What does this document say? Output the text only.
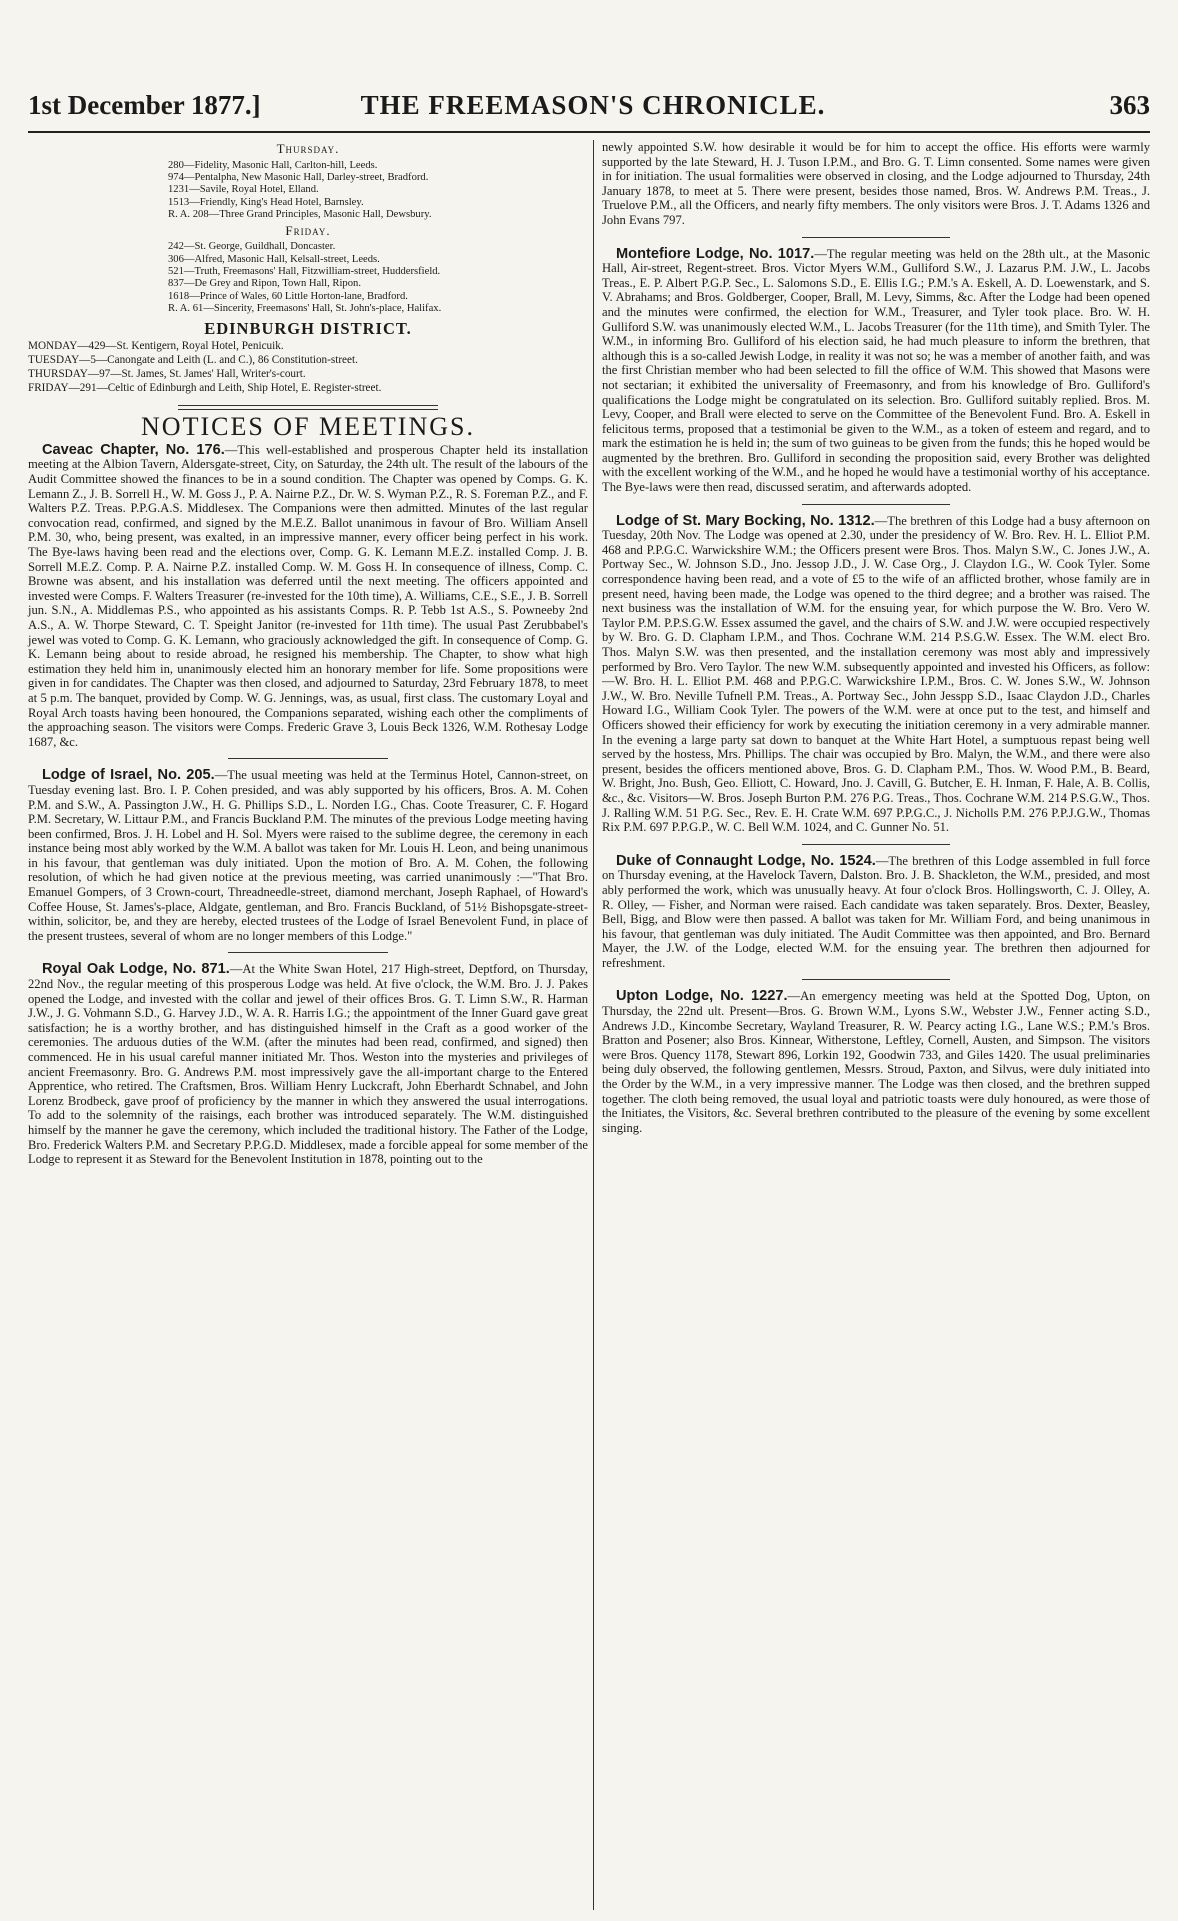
1st December 1877.]	THE FREEMASON'S CHRONICLE.	363
Thursday.
280—Fidelity, Masonic Hall, Carlton-hill, Leeds.
974—Pentalpha, New Masonic Hall, Darley-street, Bradford.
1231—Savile, Royal Hotel, Elland.
1513—Friendly, King's Head Hotel, Barnsley.
R. A. 208—Three Grand Principles, Masonic Hall, Dewsbury.
Friday.
242—St. George, Guildhall, Doncaster.
306—Alfred, Masonic Hall, Kelsall-street, Leeds.
521—Truth, Freemasons' Hall, Fitzwilliam-street, Huddersfield.
837—De Grey and Ripon, Town Hall, Ripon.
1618—Prince of Wales, 60 Little Horton-lane, Bradford.
R. A. 61—Sincerity, Freemasons' Hall, St. John's-place, Halifax.
EDINBURGH DISTRICT.
MONDAY—429—St. Kentigern, Royal Hotel, Penicuik.
TUESDAY—5—Canongate and Leith (L. and C.), 86 Constitution-street.
THURSDAY—97—St. James, St. James' Hall, Writer's-court.
FRIDAY—291—Celtic of Edinburgh and Leith, Ship Hotel, E. Register-street.
NOTICES OF MEETINGS.

Caveac Chapter, No. 176.—This well-established and prosperous Chapter held its installation meeting at the Albion Tavern, Aldersgate-street, City, on Saturday, the 24th ult. The result of the labours of the Audit Committee showed the finances to be in a sound condition. The Chapter was opened by Comps. G. K. Lemann Z., J. B. Sorrell H., W. M. Goss J., P. A. Nairne P.Z., Dr. W. S. Wyman P.Z., R. S. Foreman P.Z., and F. Walters P.Z. Treas. P.P.G.A.S. Middlesex. The Companions were then admitted. Minutes of the last regular convocation read, confirmed, and signed by the M.E.Z. Ballot unanimous in favour of Bro. William Ansell P.M. 30, who, being present, was exalted, in an impressive manner, every officer being perfect in his work. The Bye-laws having been read and the elections over, Comp. G. K. Lemann M.E.Z. installed Comp. J. B. Sorrell M.E.Z. Comp. P. A. Nairne P.Z. installed Comp. W. M. Goss H. In consequence of illness, Comp. C. Browne was absent, and his installation was deferred until the next meeting. The officers appointed and invested were Comps. F. Walters Treasurer (re-invested for the 10th time), A. Williams, C.E., S.E., J. B. Sorrell jun. S.N., A. Middlemas P.S., who appointed as his assistants Comps. R. P. Tebb 1st A.S., S. Powneeby 2nd A.S., A. W. Thorpe Steward, C. T. Speight Janitor (re-invested for 11th time). The usual Past Zerubbabel's jewel was voted to Comp. G. K. Lemann, who graciously acknowledged the gift. In consequence of Comp. G. K. Lemann being about to reside abroad, he resigned his membership. The Chapter, to show what high estimation they held him in, unanimously elected him an honorary member for life. Some propositions were given in for candidates. The Chapter was then closed, and adjourned to Saturday, 23rd February 1878, to meet at 5 p.m. The banquet, provided by Comp. W. G. Jennings, was, as usual, first class. The customary Loyal and Royal Arch toasts having been honoured, the Companions separated, wishing each other the compliments of the approaching season. The visitors were Comps. Frederic Grave 3, Louis Beck 1326, W.M. Rothesay Lodge 1687, &c.

Lodge of Israel, No. 205.—The usual meeting was held at the Terminus Hotel, Cannon-street, on Tuesday evening last. Bro. I. P. Cohen presided, and was ably supported by his officers, Bros. A. M. Cohen P.M. and S.W., A. Passington J.W., H. G. Phillips S.D., L. Norden I.G., Chas. Coote Treasurer, C. F. Hogard P.M. Secretary, W. Littaur P.M., and Francis Buckland P.M. The minutes of the previous Lodge meeting having been confirmed, Bros. J. H. Lobel and H. Sol. Myers were raised to the sublime degree, the ceremony in each instance being most ably worked by the W.M. A ballot was taken for Mr. Louis H. Leon, and being unanimous in his favour, that gentleman was duly initiated. Upon the motion of Bro. A. M. Cohen, the following resolution, of which he had given notice at the previous meeting, was carried unanimously :—"That Bro. Emanuel Gompers, of 3 Crown-court, Threadneedle-street, diamond merchant, Joseph Raphael, of Howard's Coffee House, St. James's-place, Aldgate, gentleman, and Bro. Francis Buckland, of 51½ Bishopsgate-street-within, solicitor, be, and they are hereby, elected trustees of the Lodge of Israel Benevolent Fund, in place of the present trustees, several of whom are no longer members of this Lodge."

Royal Oak Lodge, No. 871.—At the White Swan Hotel, 217 High-street, Deptford, on Thursday, 22nd Nov., the regular meeting of this prosperous Lodge was held. At five o'clock, the W.M. Bro. J. J. Pakes opened the Lodge, and invested with the collar and jewel of their offices Bros. G. T. Limn S.W., R. Harman J.W., J. G. Vohmann S.D., G. Harvey J.D., W. A. R. Harris I.G.; the appointment of the Inner Guard gave great satisfaction; he is a worthy brother, and has distinguished himself in the Craft as a good worker of the ceremonies. The arduous duties of the W.M. (after the minutes had been read, confirmed, and signed) then commenced. He in his usual careful manner initiated Mr. Thos. Weston into the mysteries and privileges of ancient Freemasonry. Bro. G. Andrews P.M. most impressively gave the all-important charge to the Entered Apprentice, who retired. The Craftsmen, Bros. William Henry Luckcraft, John Eberhardt Schnabel, and John Lorenz Brodbeck, gave proof of proficiency by the manner in which they answered the usual interrogations. To add to the solemnity of the raisings, each brother was introduced separately. The W.M. distinguished himself by the manner he gave the ceremony, which included the traditional history. The Father of the Lodge, Bro. Frederick Walters P.M. and Secretary P.P.G.D. Middlesex, made a forcible appeal for some member of the Lodge to represent it as Steward for the Benevolent Institution in 1878, pointing out to the

newly appointed S.W. how desirable it would be for him to accept the office. His efforts were warmly supported by the late Steward, H. J. Tuson I.P.M., and Bro. G. T. Limn consented. Some names were given in for initiation. The usual formalities were observed in closing, and the Lodge adjourned to Thursday, 24th January 1878, to meet at 5. There were present, besides those named, Bros. W. Andrews P.M. Treas., J. Truelove P.M., all the Officers, and nearly fifty members. The only visitors were Bros. J. T. Adams 1326 and John Evans 797.

Montefiore Lodge, No. 1017.—The regular meeting was held on the 28th ult., at the Masonic Hall, Air-street, Regent-street. Bros. Victor Myers W.M., Gulliford S.W., J. Lazarus P.M. J.W., L. Jacobs Treas., E. P. Albert P.G.P. Sec., L. Salomons S.D., E. Ellis I.G.; P.M.'s A. Eskell, A. D. Loewenstark, and S. V. Abrahams; and Bros. Goldberger, Cooper, Brall, M. Levy, Simms, &c. After the Lodge had been opened and the minutes were confirmed, the election for W.M., Treasurer, and Tyler took place. Bro. W. H. Gulliford S.W. was unanimously elected W.M., L. Jacobs Treasurer (for the 11th time), and Smith Tyler. The W.M., in informing Bro. Gulliford of his election said, he had much pleasure to inform the brethren, that although this is a so-called Jewish Lodge, in reality it was not so; he was a member of another faith, and was the first Christian member who had been selected to fill the office of W.M. This showed that Masons were not sectarian; it exhibited the universality of Freemasonry, and from his knowledge of Bro. Gulliford's qualifications the Lodge might be congratulated on its selection. Bro. Gulliford suitably replied. Bros. M. Levy, Cooper, and Brall were elected to serve on the Committee of the Benevolent Fund. Bro. A. Eskell in felicitous terms, proposed that a testimonial be given to the W.M., as a token of esteem and regard, and to mark the estimation he is held in; the sum of two guineas to be given from the funds; this he hoped would be augmented by the brethren. Bro. Gulliford in seconding the proposition said, every Brother was delighted with the excellent working of the W.M., and he hoped he would have a testimonial worthy of his acceptance. The Bye-laws were then read, discussed seratim, and afterwards adopted.

Lodge of St. Mary Bocking, No. 1312.—The brethren of this Lodge had a busy afternoon on Tuesday, 20th Nov. The Lodge was opened at 2.30, under the presidency of W. Bro. Rev. H. L. Elliot P.M. 468 and P.P.G.C. Warwickshire W.M.; the Officers present were Bros. Thos. Malyn S.W., C. Jones J.W., A. Portway Sec., W. Johnson S.D., Jno. Jessop J.D., J. W. Case Org., J. Claydon I.G., W. Cook Tyler. Some correspondence having been read, and a vote of £5 to the wife of an afflicted brother, whose family are in present need, having been made, the Lodge was opened to the third degree; and a brother was raised. The next business was the installation of W.M. for the ensuing year, for which purpose the W. Bro. Vero W. Taylor P.M. P.P.S.G.W. Essex assumed the gavel, and the chairs of S.W. and J.W. were occupied respectively by W. Bro. G. D. Clapham I.P.M., and Thos. Cochrane W.M. 214 P.S.G.W. Essex. The W.M. elect Bro. Thos. Malyn S.W. was then presented, and the installation ceremony was most ably and impressively performed by Bro. Vero Taylor. The new W.M. subsequently appointed and invested his Officers, as follow:—W. Bro. H. L. Elliot P.M. 468 and P.P.G.C. Warwickshire I.P.M., Bros. C. W. Jones S.W., W. Johnson J.W., W. Bro. Neville Tufnell P.M. Treas., A. Portway Sec., John Jesspp S.D., Isaac Claydon J.D., Charles Howard I.G., William Cook Tyler. The powers of the W.M. were at once put to the test, and himself and Officers showed their efficiency for work by executing the initiation ceremony in a very admirable manner. In the evening a large party sat down to banquet at the White Hart Hotel, a sumptuous repast being well served by the hostess, Mrs. Phillips. The chair was occupied by Bro. Malyn, the W.M., and there were also present, besides the officers mentioned above, Bros. G. D. Clapham P.M., Thos. W. Wood P.M., B. Beard, W. Bright, Jno. Bush, Geo. Elliott, C. Howard, Jno. J. Cavill, G. Butcher, E. H. Inman, F. Hale, A. B. Collis, &c., &c. Visitors—W. Bros. Joseph Burton P.M. 276 P.G. Treas., Thos. Cochrane W.M. 214 P.S.G.W., Thos. J. Ralling W.M. 51 P.G. Sec., Rev. E. H. Crate W.M. 697 P.P.G.C., J. Nicholls P.M. 276 P.P.J.G.W., Thomas Rix P.M. 697 P.P.G.P., W. C. Bell W.M. 1024, and C. Gunner No. 51.

Duke of Connaught Lodge, No. 1524.—The brethren of this Lodge assembled in full force on Thursday evening, at the Havelock Tavern, Dalston. Bro. J. B. Shackleton, the W.M., presided, and most ably performed the work, which was unusually heavy. At four o'clock Bros. Hollingsworth, C. J. Olley, A. R. Olley, — Fisher, and Norman were raised. Each candidate was taken separately. Bros. Dexter, Beasley, Bell, Bigg, and Blow were then passed. A ballot was taken for Mr. William Ford, and being unanimous in his favour, that gentleman was duly initiated. The Audit Committee was then appointed, and Bro. Bernard Mayer, the J.W. of the Lodge, elected W.M. for the ensuing year. The brethren then adjourned for refreshment.

Upton Lodge, No. 1227.—An emergency meeting was held at the Spotted Dog, Upton, on Thursday, the 22nd ult. Present—Bros. G. Brown W.M., Lyons S.W., Webster J.W., Fenner acting S.D., Andrews J.D., Kincombe Secretary, Wayland Treasurer, R. W. Pearcy acting I.G., Lane W.S.; P.M.'s Bros. Bratton and Posener; also Bros. Kinnear, Witherstone, Leftley, Cornell, Austen, and Simpson. The visitors were Bros. Quency 1178, Stewart 896, Lorkin 192, Goodwin 733, and Giles 1420. The usual preliminaries being duly observed, the following gentlemen, Messrs. Stroud, Paxton, and Silvus, were duly initiated into the Order by the W.M., in a very impressive manner. The Lodge was then closed, and the brethren supped together. The cloth being removed, the usual loyal and patriotic toasts were duly honoured, as were those of the Initiates, the Visitors, &c. Several brethren contributed to the pleasure of the evening by some excellent singing.
